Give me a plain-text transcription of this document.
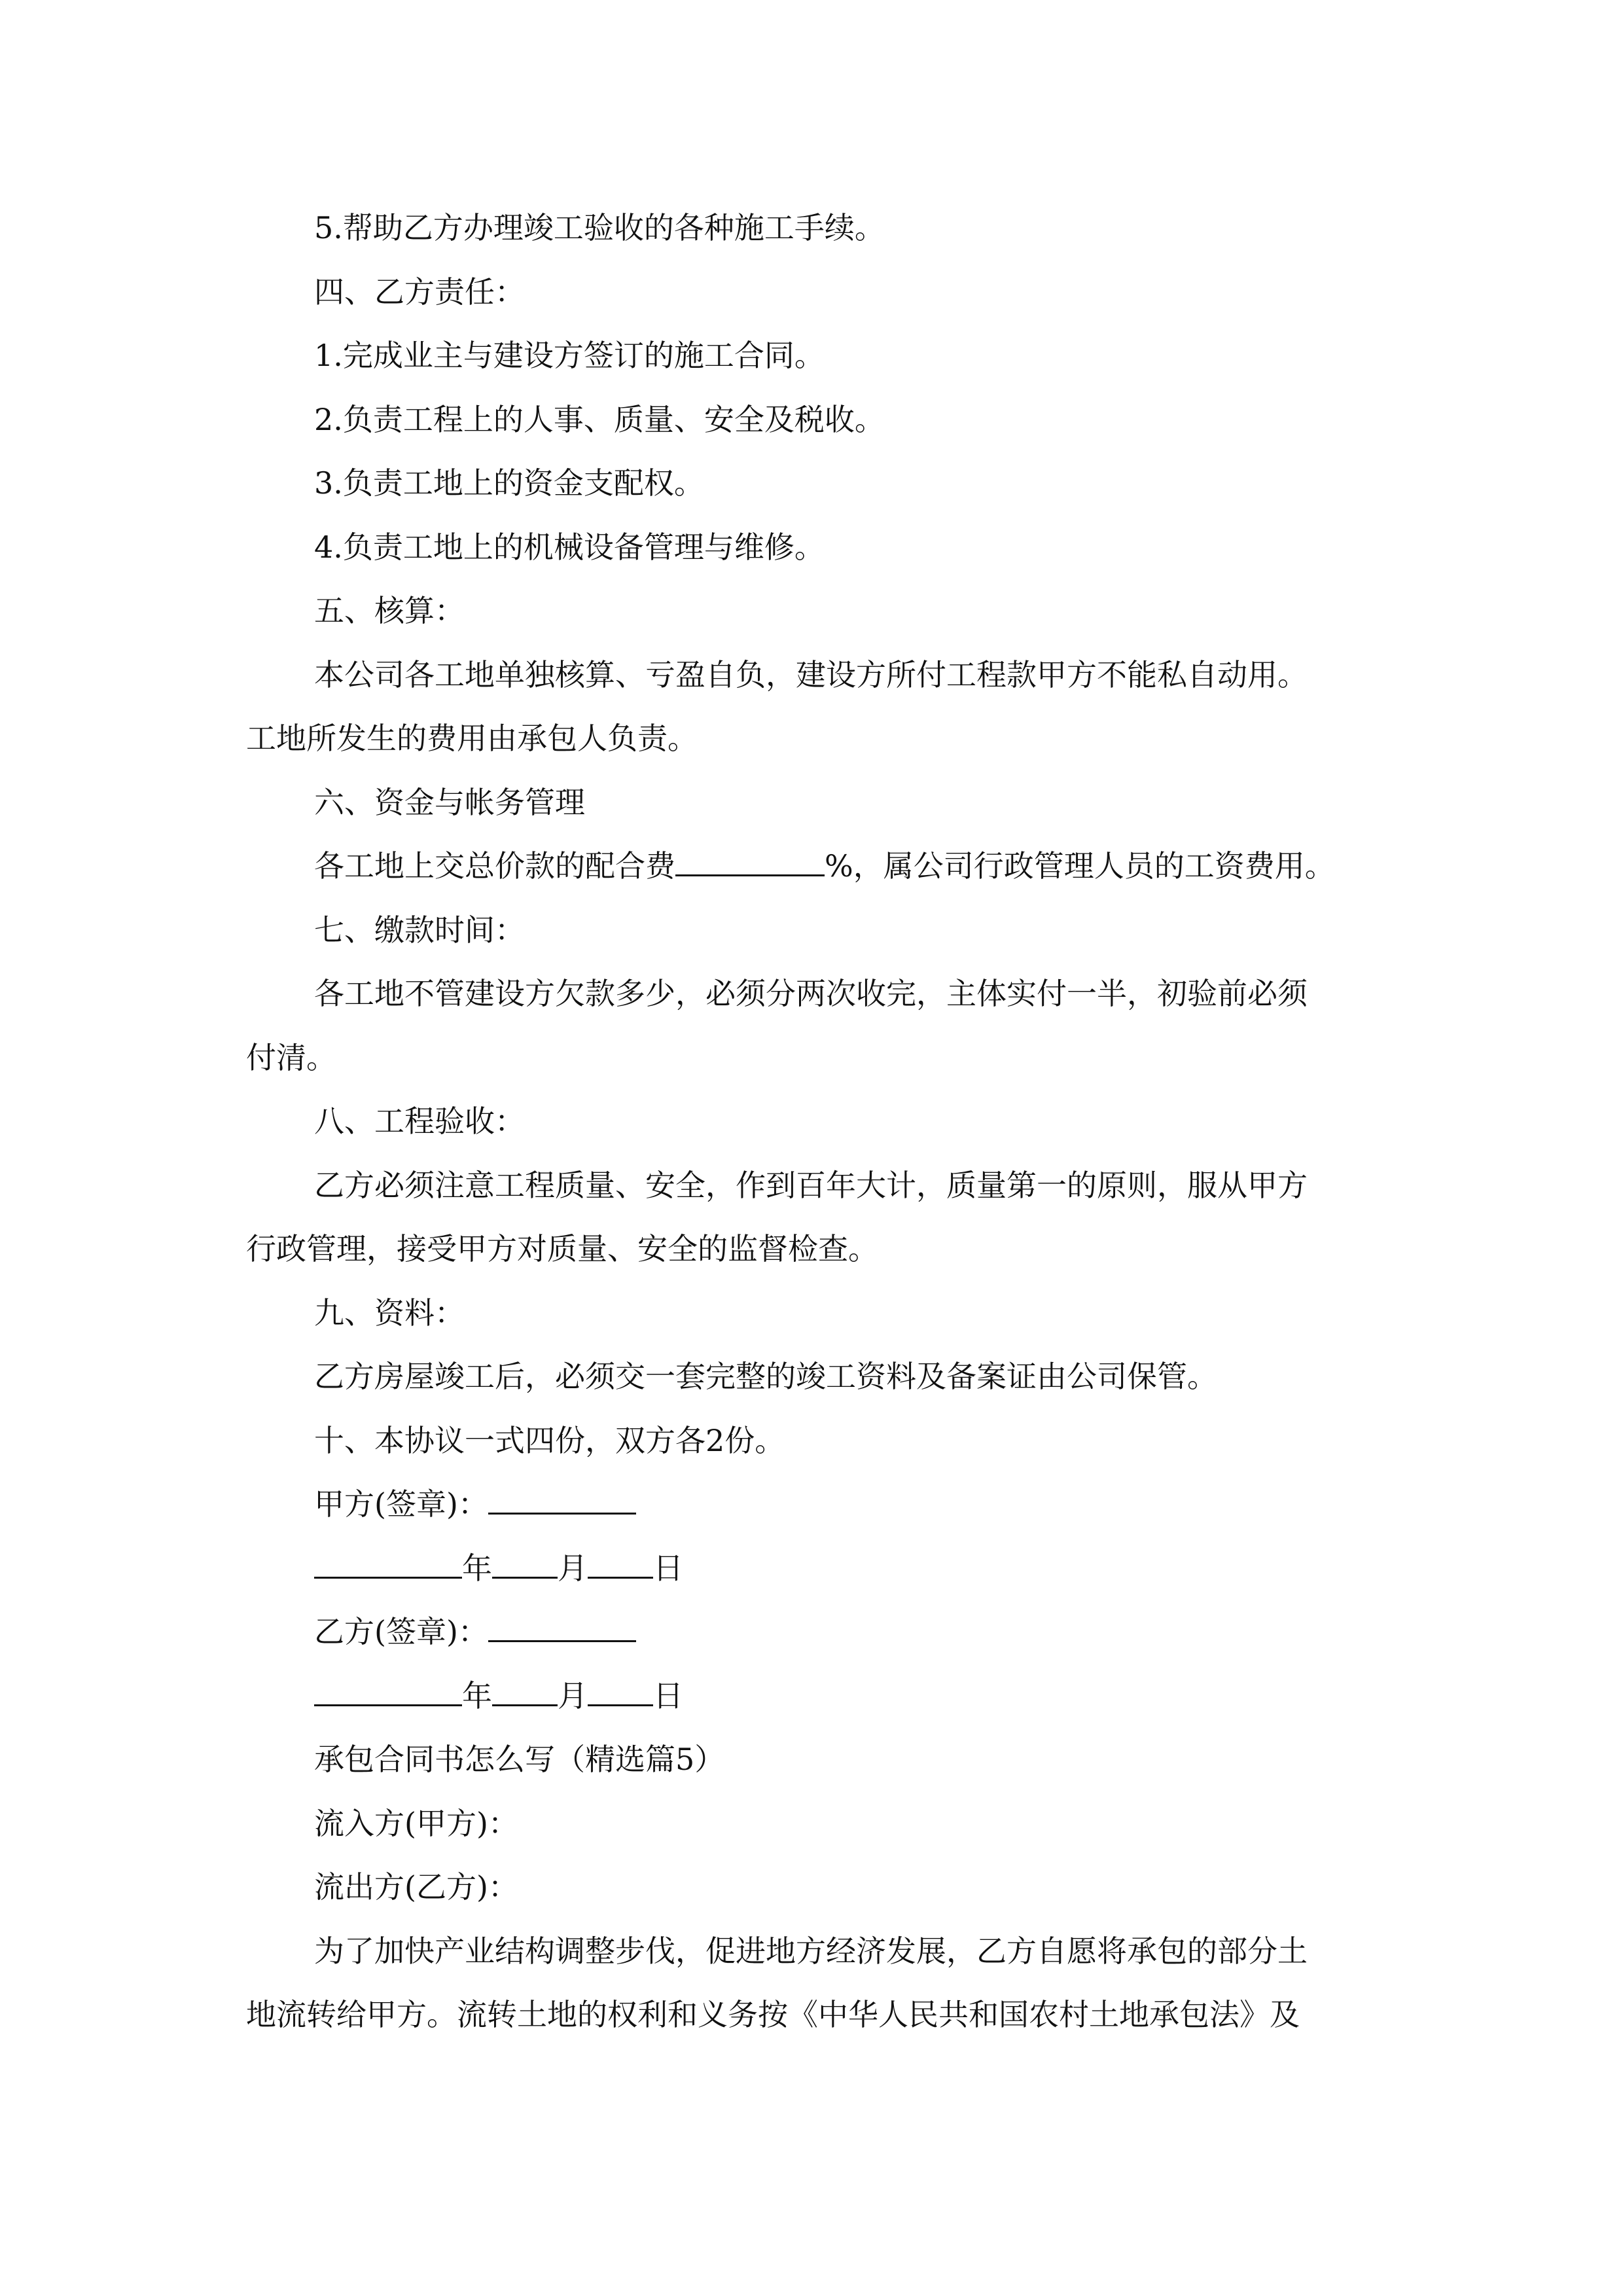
5.帮助乙方办理竣工验收的各种施工手续。
四、乙方责任：
1.完成业主与建设方签订的施工合同。
2.负责工程上的人事、质量、安全及税收。
3.负责工地上的资金支配权。
4.负责工地上的机械设备管理与维修。
五、核算：
本公司各工地单独核算、亏盈自负，建设方所付工程款甲方不能私自动用。
工地所发生的费用由承包人负责。
六、资金与帐务管理
各工地上交总价款的配合费	%，属公司行政管理人员的工资费用。
七、缴款时间：
各工地不管建设方欠款多少，必须分两次收完，主体实付一半，初验前必须
付清。
八、工程验收：
乙方必须注意工程质量、安全，作到百年大计，质量第一的原则，服从甲方
行政管理，接受甲方对质量、安全的监督检查。
九、资料：
乙方房屋竣工后，必须交一套完整的竣工资料及备案证由公司保管。
十、本协议一式四份，双方各2份。
甲方(签章)：
年 月 日
乙方(签章)：
年 月 日
承包合同书怎么写（精选篇5）
流入方(甲方)：
流出方(乙方)：
为了加快产业结构调整步伐，促进地方经济发展，乙方自愿将承包的部分土
地流转给甲方。流转土地的权利和义务按《中华人民共和国农村土地承包法》及
